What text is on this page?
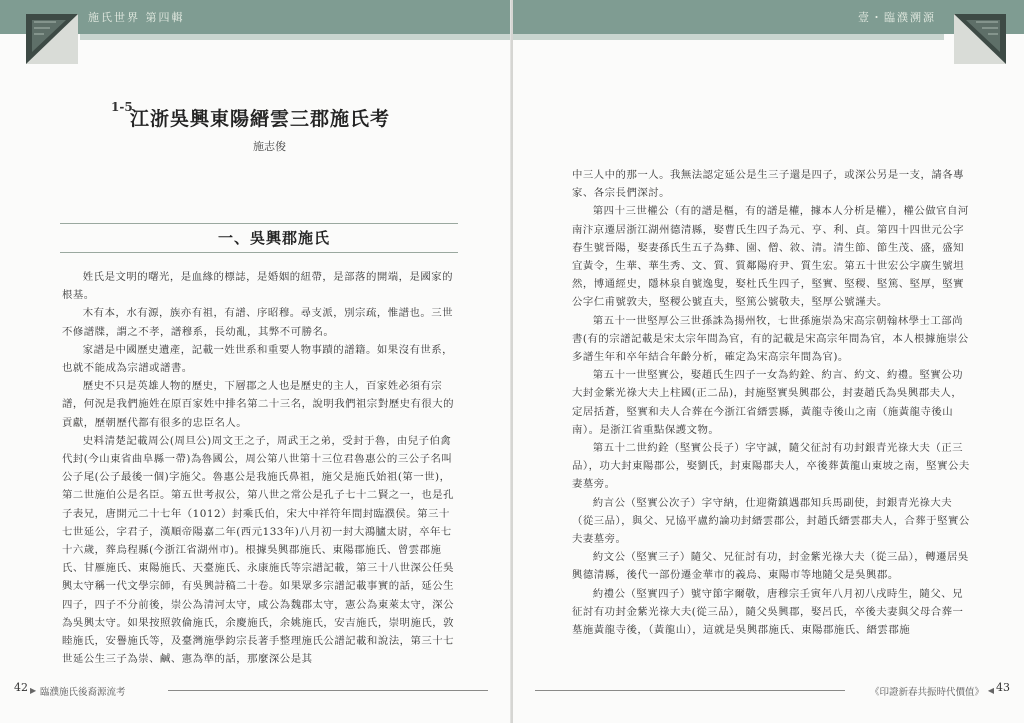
施氏世界 第四輯
1-5
江浙吳興東陽縉雲三郡施氏考
施志俊
一、吳興郡施氏

姓氏是文明的曙光，是血緣的標誌，是婚姻的紐帶，是部落的開端，是國家的根基。

木有本，水有源，族亦有祖，有譜、序昭穆。尋支派，別宗疏，惟譜也。三世不修譜牒，謂之不孝，譜穆系，長幼亂，其弊不可勝名。

家譜是中國歷史遺產，記載一姓世系和重要人物事蹟的譜籍。如果沒有世系，也就不能成為宗譜或譜書。

歷史不只是英雄人物的歷史，下層郡之人也是歷史的主人，百家姓必須有宗譜，何況是我們施姓在原百家姓中排名第二十三名，說明我們祖宗對歷史有很大的貢獻，歷朝歷代都有很多的忠臣名人。

史料清楚記載周公(周旦公)周文王之子，周武王之弟，受封于魯，由兒子伯禽代封(今山東省曲阜縣一帶)為魯國公，周公第八世第十三位君魯惠公的三公子名叫公子尾(公子最後一個)字施父。魯惠公是我施氏鼻祖，施父是施氏始祖(第一世)，第二世施伯公是名臣。第五世考叔公，第八世之常公是孔子七十二賢之一，也是孔子表兄，唐開元二十七年（1012）封乘氏伯，宋大中祥符年間封臨濮侯。第三十七世延公，字君子，漢順帝陽嘉二年(西元133年)八月初一封大鴻臚太尉，卒年七十六歲，葬烏程縣(今浙江省湖州市)。根據吳興郡施氏、東陽郡施氏、曾雲郡施氏、甘雁施氏、東陽施氏、天臺施氏、永康施氏等宗譜記載，第三十八世深公任吳興太守稱一代文學宗師，有吳興詩稿二十卷。如果眾多宗譜記載事實的話，延公生四子，四子不分前後，崇公為清河太守，咸公為魏郡太守，憲公為東萊太守，深公為吳興太守。如果按照敦倫施氏，余慶施氏，余姚施氏，安吉施氏，崇明施氏，敦睦施氏，安譽施氏等，及臺灣施學鈞宗長著手整理施氏公譜記載和說法，第三十七世延公生三子為崇、鹹、憲為準的話，那麼深公是其

42 ▶ 臨濮施氏後裔源流考
壹・臨濮溯源

中三人中的那一人。我無法認定延公是生三子還是四子，或深公另是一支，請各專家、各宗長們深討。

第四十三世權公（有的譜是樞，有的譜是權，據本人分析是權），權公做官自河南汴京遷居浙江湖州德清縣，娶曹氏生四子為元、亨、利、貞。第四十四世元公字春生號晉陽，娶妻孫氏生五子為彝、園、僧、敘、清。清生節、節生茂、盛，盛知宜黃令，生華、華生秀、文、質、質鄰陽府尹、質生宏。第五十世宏公字廣生號坦然，博通經史，隱林泉自號逸叟，娶杜氏生四子，堅實、堅稷、堅篤、堅厚，堅實公字仁甫號敦夫，堅稷公號直夫，堅篤公號敬夫，堅厚公號謹夫。

第五十一世堅厚公三世孫誅為揚州牧，七世孫施崇為宋高宗朝翰林學士工部尚書(有的宗譜記載是宋太宗年間為官，有的記載是宋高宗年間為官，本人根據施崇公多譜生年和卒年結合年齡分析，確定為宋高宗年間為官)。

第五十一世堅實公，娶趙氏生四子一女為約銓、約言、約文、約禮。堅實公功大封金紫光祿大夫上柱國(正二品)，封施堅實吳興郡公，封妻趙氏為吳興郡夫人，定居括蒼，堅實和夫人合葬在今浙江省縉雲縣，黃龍寺後山之南（施黃龍寺後山南）。是浙江省重點保護文物。

第五十二世約銓（堅實公長子）字守誠，隨父征討有功封銀青光祿大夫（正三品），功大封東陽郡公，娶劉氏，封東陽郡夫人，卒後葬黃龍山東坡之南，堅實公夫妻墓旁。

約言公（堅實公次子）字守納，仕迎衛鎮遇郡知兵馬副使，封銀青光祿大夫（從三品），與父、兄協平盧約論功封縉雲郡公，封趙氏縉雲郡夫人，合葬于堅實公夫妻墓旁。

約文公（堅實三子）隨父、兄征討有功，封金紫光祿大夫（從三品），轉遷居吳興德清縣，後代一部份遷金華市的義烏、東陽市等地隨父是吳興郡。

約禮公（堅實四子）號守節字爾敬，唐穆宗壬寅年八月初八戌時生，隨父、兄征討有功封金紫光祿大夫(從三品），隨父吳興郡，娶呂氏，卒後夫妻與父母合葬一墓施黃龍寺後，（黃龍山），這就是吳興郡施氏、東陽郡施氏、縉雲郡施

《印證新春共振時代價值》 ◀ 43
